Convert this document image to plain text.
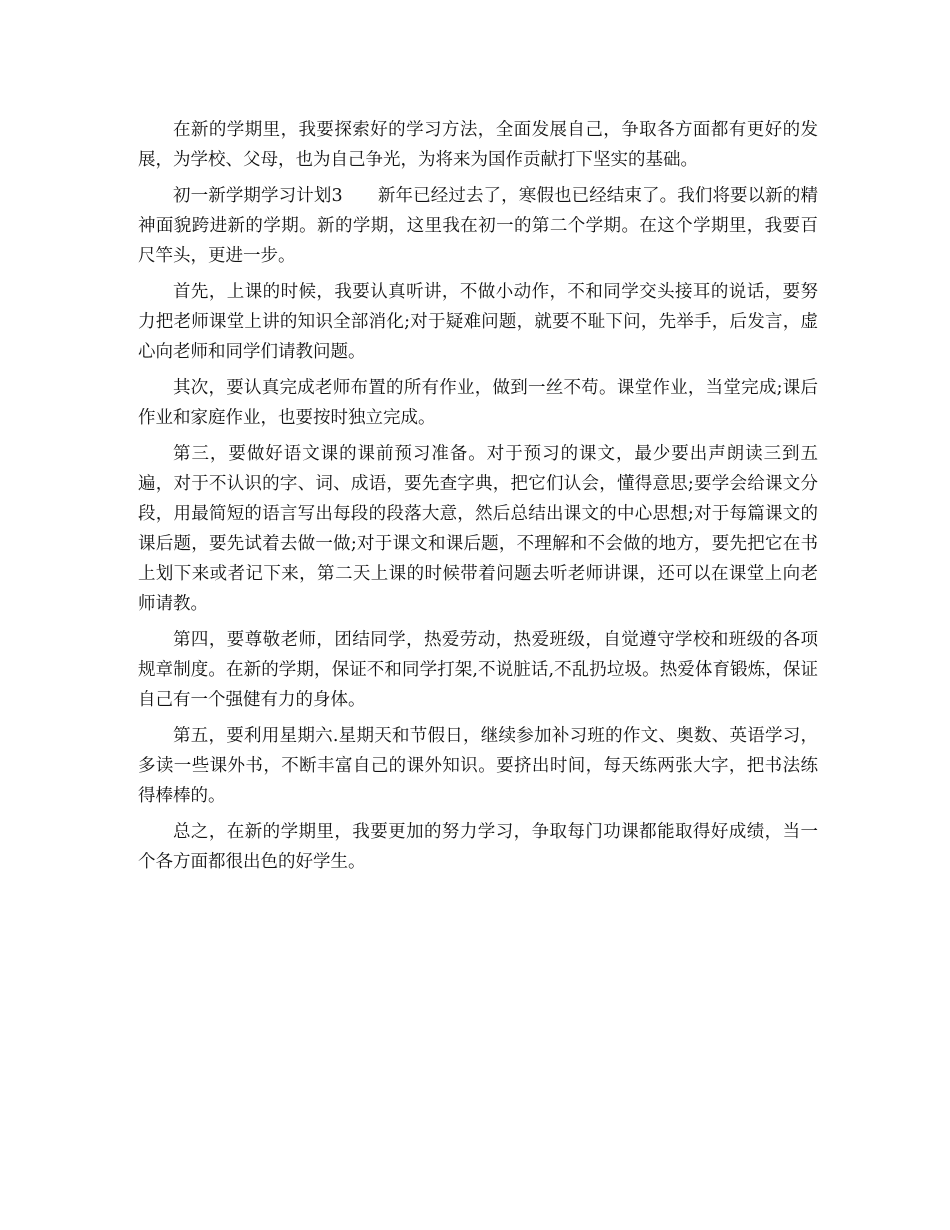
在新的学期里，我要探索好的学习方法，全面发展自己，争取各方面都有更好的发展，为学校、父母，也为自己争光，为将来为国作贡献打下坚实的基础。

初一新学期学习计划3　　新年已经过去了，寒假也已经结束了。我们将要以新的精神面貌跨进新的学期。新的学期，这里我在初一的第二个学期。在这个学期里，我要百尺竿头，更进一步。

首先，上课的时候，我要认真听讲，不做小动作，不和同学交头接耳的说话，要努力把老师课堂上讲的知识全部消化;对于疑难问题，就要不耻下问，先举手，后发言，虚心向老师和同学们请教问题。

其次，要认真完成老师布置的所有作业，做到一丝不苟。课堂作业，当堂完成;课后作业和家庭作业，也要按时独立完成。

第三，要做好语文课的课前预习准备。对于预习的课文，最少要出声朗读三到五遍，对于不认识的字、词、成语，要先查字典，把它们认会，懂得意思;要学会给课文分段，用最简短的语言写出每段的段落大意，然后总结出课文的中心思想;对于每篇课文的课后题，要先试着去做一做;对于课文和课后题，不理解和不会做的地方，要先把它在书上划下来或者记下来，第二天上课的时候带着问题去听老师讲课，还可以在课堂上向老师请教。

第四，要尊敬老师，团结同学，热爱劳动，热爱班级，自觉遵守学校和班级的各项规章制度。在新的学期，保证不和同学打架,不说脏话,不乱扔垃圾。热爱体育锻炼，保证自己有一个强健有力的身体。

第五，要利用星期六.星期天和节假日，继续参加补习班的作文、奥数、英语学习，多读一些课外书，不断丰富自己的课外知识。要挤出时间，每天练两张大字，把书法练得棒棒的。

总之，在新的学期里，我要更加的努力学习，争取每门功课都能取得好成绩，当一个各方面都很出色的好学生。
